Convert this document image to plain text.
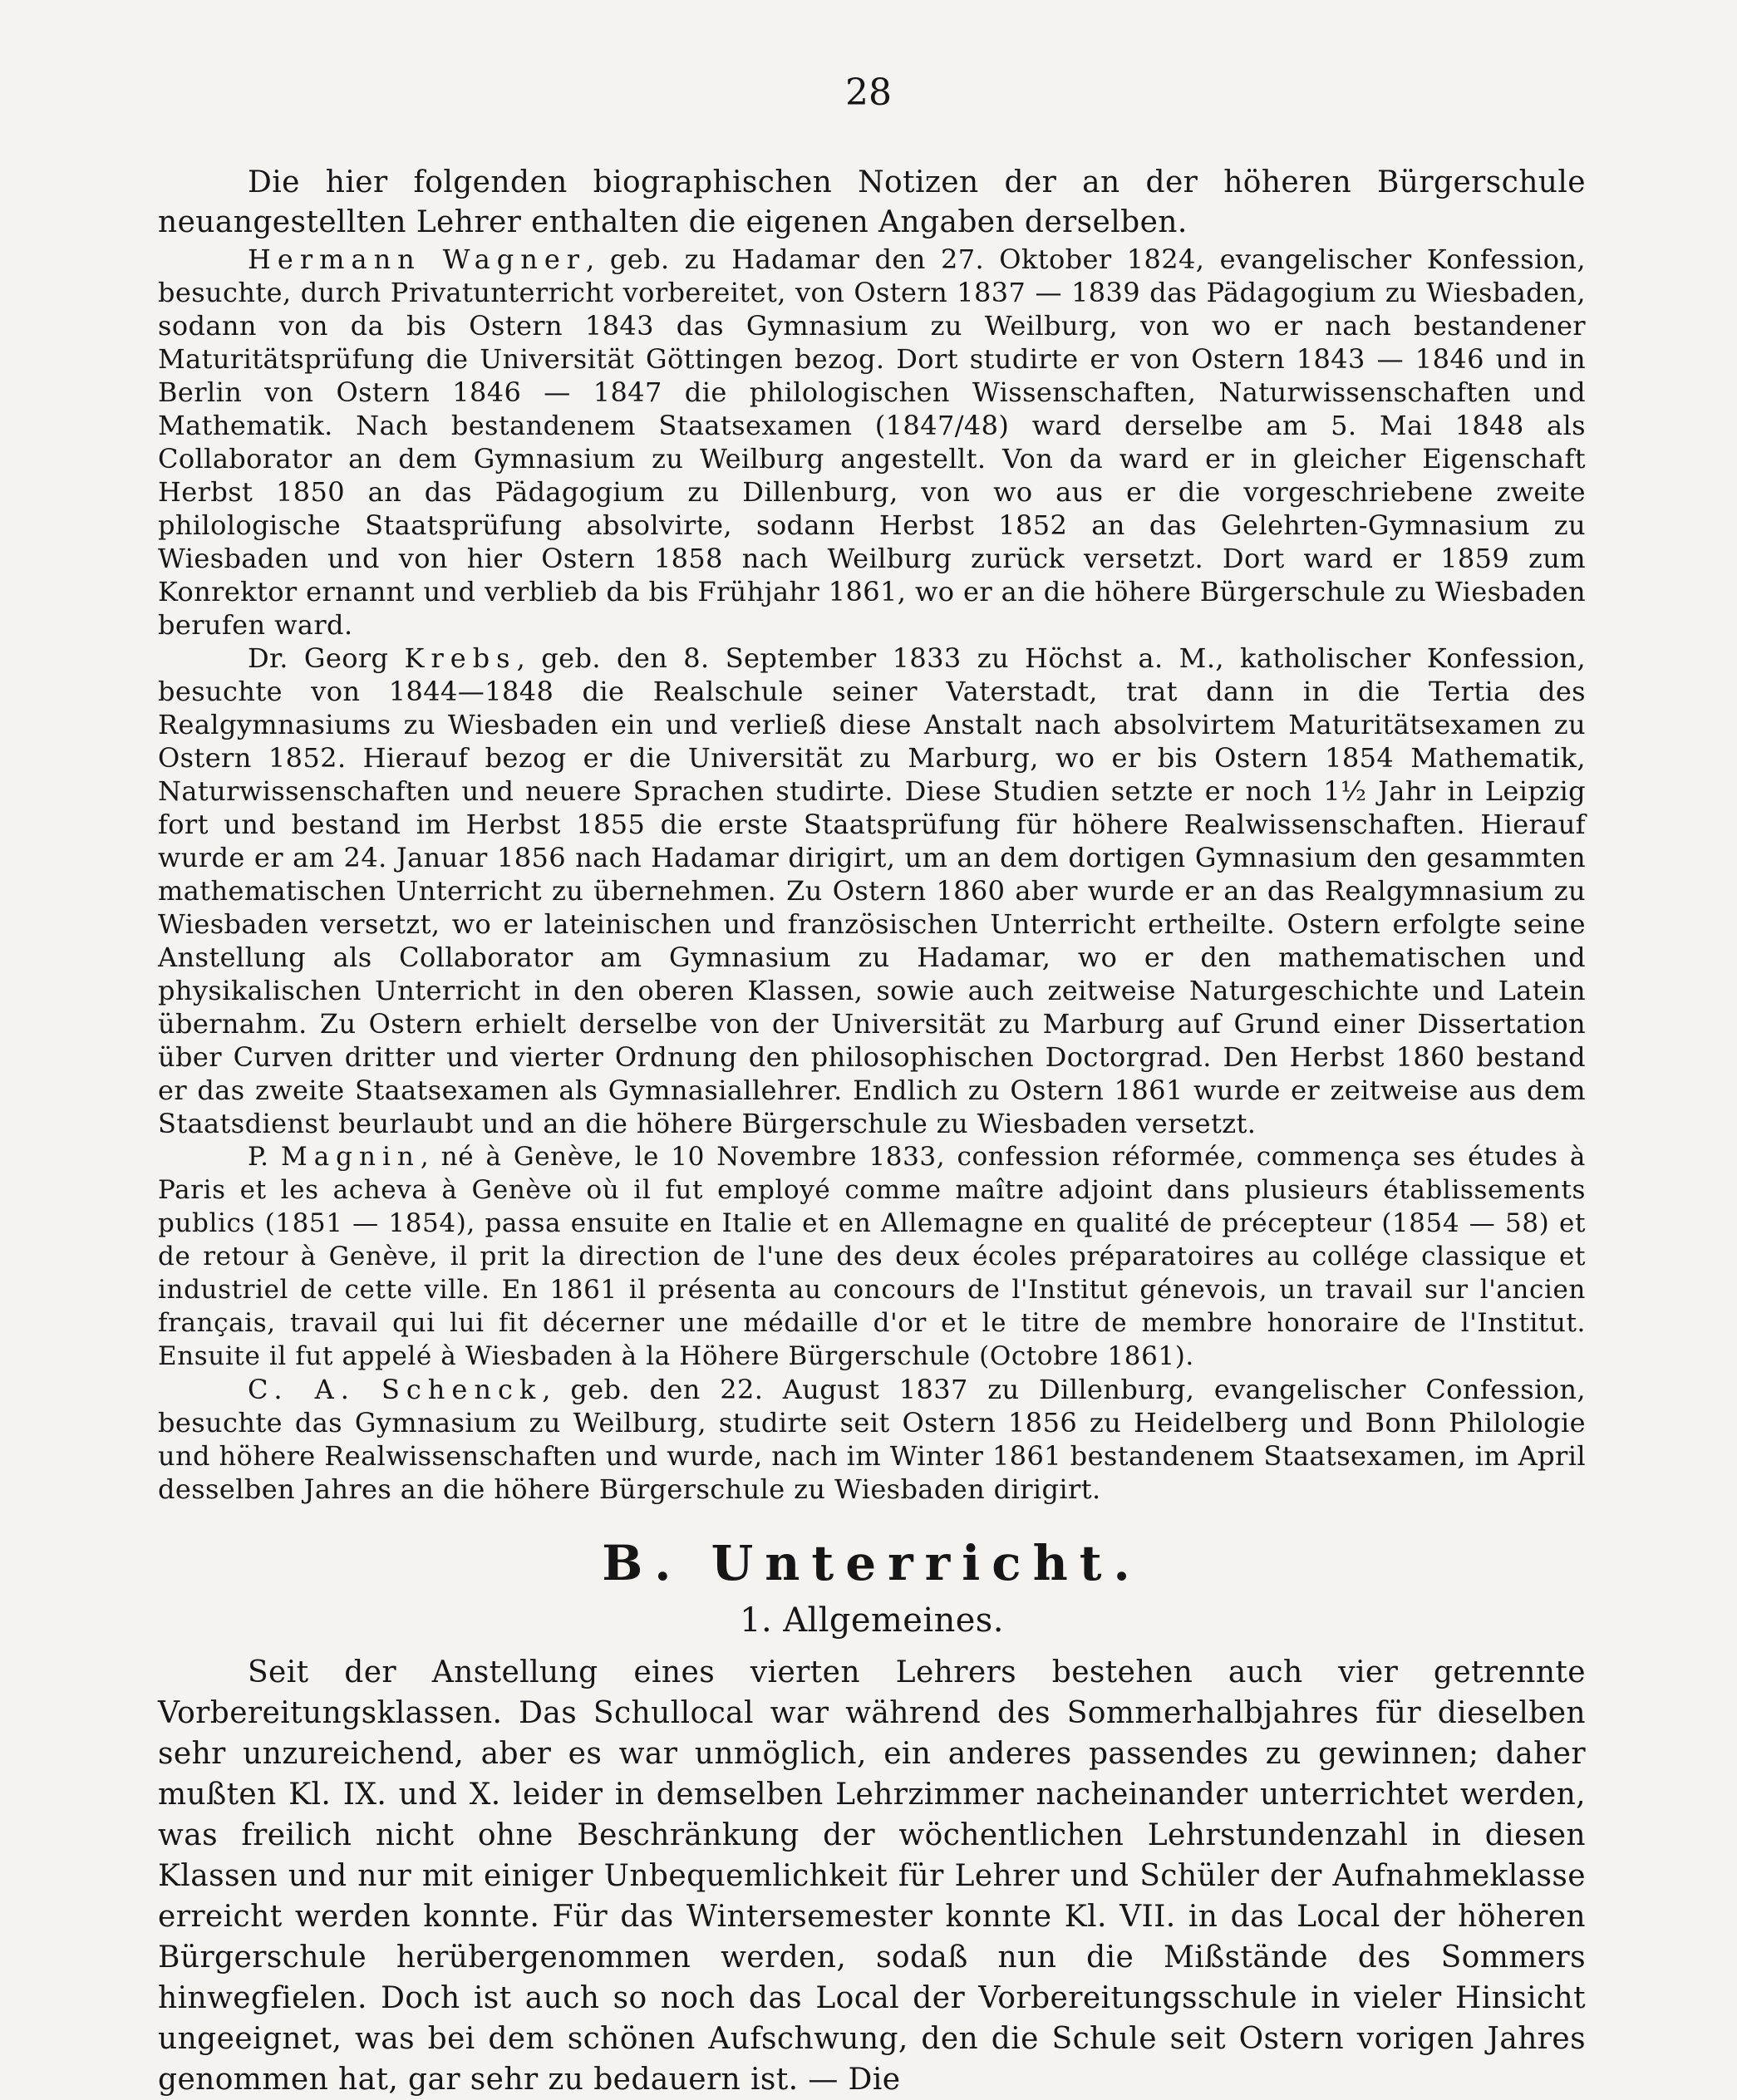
28

Die hier folgenden biographischen Notizen der an der höheren Bürgerschule neuangestellten Lehrer enthalten die eigenen Angaben derselben.

Hermann Wagner, geb. zu Hadamar den 27. Oktober 1824, evangelischer Konfession, besuchte, durch Privatunterricht vorbereitet, von Ostern 1837 — 1839 das Pädagogium zu Wiesbaden, sodann von da bis Ostern 1843 das Gymnasium zu Weilburg, von wo er nach bestandener Maturitätsprüfung die Universität Göttingen bezog. Dort studirte er von Ostern 1843 — 1846 und in Berlin von Ostern 1846 — 1847 die philologischen Wissenschaften, Naturwissenschaften und Mathematik. Nach bestandenem Staatsexamen (1847/48) ward derselbe am 5. Mai 1848 als Collaborator an dem Gymnasium zu Weilburg angestellt. Von da ward er in gleicher Eigenschaft Herbst 1850 an das Pädagogium zu Dillenburg, von wo aus er die vorgeschriebene zweite philologische Staatsprüfung absolvirte, sodann Herbst 1852 an das Gelehrten-Gymnasium zu Wiesbaden und von hier Ostern 1858 nach Weilburg zurück versetzt. Dort ward er 1859 zum Konrektor ernannt und verblieb da bis Frühjahr 1861, wo er an die höhere Bürgerschule zu Wiesbaden berufen ward.

Dr. Georg Krebs, geb. den 8. September 1833 zu Höchst a. M., katholischer Konfession, besuchte von 1844—1848 die Realschule seiner Vaterstadt, trat dann in die Tertia des Realgymnasiums zu Wiesbaden ein und verließ diese Anstalt nach absolvirtem Maturitätsexamen zu Ostern 1852. Hierauf bezog er die Universität zu Marburg, wo er bis Ostern 1854 Mathematik, Naturwissenschaften und neuere Sprachen studirte. Diese Studien setzte er noch 1½ Jahr in Leipzig fort und bestand im Herbst 1855 die erste Staatsprüfung für höhere Realwissenschaften. Hierauf wurde er am 24. Januar 1856 nach Hadamar dirigirt, um an dem dortigen Gymnasium den gesammten mathematischen Unterricht zu übernehmen. Zu Ostern 1860 aber wurde er an das Realgymnasium zu Wiesbaden versetzt, wo er lateinischen und französischen Unterricht ertheilte. Ostern erfolgte seine Anstellung als Collaborator am Gymnasium zu Hadamar, wo er den mathematischen und physikalischen Unterricht in den oberen Klassen, sowie auch zeitweise Naturgeschichte und Latein übernahm. Zu Ostern erhielt derselbe von der Universität zu Marburg auf Grund einer Dissertation über Curven dritter und vierter Ordnung den philosophischen Doctorgrad. Den Herbst 1860 bestand er das zweite Staatsexamen als Gymnasiallehrer. Endlich zu Ostern 1861 wurde er zeitweise aus dem Staatsdienst beurlaubt und an die höhere Bürgerschule zu Wiesbaden versetzt.

P. Magnin, né à Genève, le 10 Novembre 1833, confession réformée, commença ses études à Paris et les acheva à Genève où il fut employé comme maître adjoint dans plusieurs établissements publics (1851 — 1854), passa ensuite en Italie et en Allemagne en qualité de précepteur (1854 — 58) et de retour à Genève, il prit la direction de l'une des deux écoles préparatoires au collége classique et industriel de cette ville. En 1861 il présenta au concours de l'Institut génevois, un travail sur l'ancien français, travail qui lui fit décerner une médaille d'or et le titre de membre honoraire de l'Institut. Ensuite il fut appelé à Wiesbaden à la Höhere Bürgerschule (Octobre 1861).

C. A. Schenck, geb. den 22. August 1837 zu Dillenburg, evangelischer Confession, besuchte das Gymnasium zu Weilburg, studirte seit Ostern 1856 zu Heidelberg und Bonn Philologie und höhere Realwissenschaften und wurde, nach im Winter 1861 bestandenem Staatsexamen, im April desselben Jahres an die höhere Bürgerschule zu Wiesbaden dirigirt.

B. Unterricht.
1. Allgemeines.

Seit der Anstellung eines vierten Lehrers bestehen auch vier getrennte Vorbereitungsklassen. Das Schullocal war während des Sommerhalbjahres für dieselben sehr unzureichend, aber es war unmöglich, ein anderes passendes zu gewinnen; daher mußten Kl. IX. und X. leider in demselben Lehrzimmer nacheinander unterrichtet werden, was freilich nicht ohne Beschränkung der wöchentlichen Lehrstundenzahl in diesen Klassen und nur mit einiger Unbequemlichkeit für Lehrer und Schüler der Aufnahmeklasse erreicht werden konnte. Für das Wintersemester konnte Kl. VII. in das Local der höheren Bürgerschule herübergenommen werden, sodaß nun die Mißstände des Sommers hinwegfielen. Doch ist auch so noch das Local der Vorbereitungsschule in vieler Hinsicht ungeeignet, was bei dem schönen Aufschwung, den die Schule seit Ostern vorigen Jahres genommen hat, gar sehr zu bedauern ist. — Die
